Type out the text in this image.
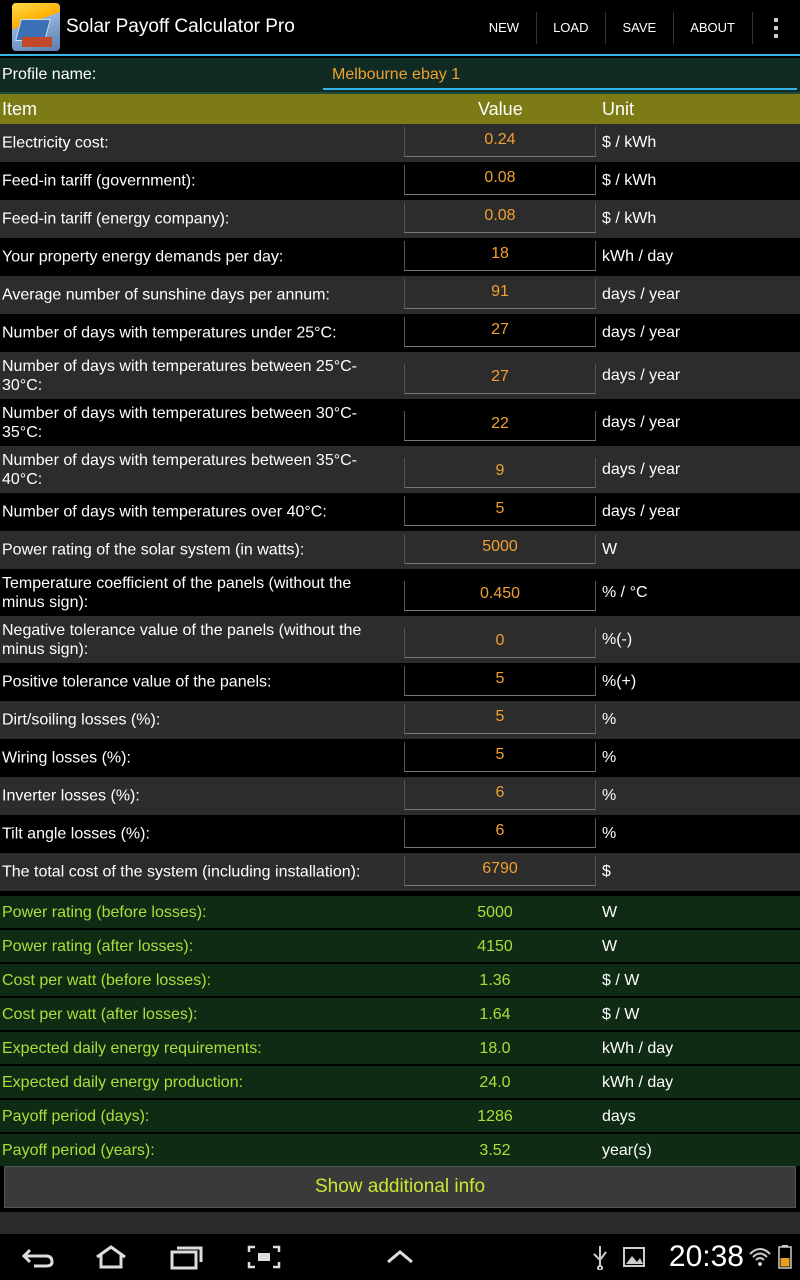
Solar Payoff Calculator Pro	NEW	LOAD	SAVE	ABOUT
Profile name:	Melbourne ebay 1
Item	Value	Unit
Electricity cost:	0.24	$ / kWh
Feed-in tariff (government):	0.08	$ / kWh
Feed-in tariff (energy company):	0.08	$ / kWh
Your property energy demands per day:	18	kWh / day
Average number of sunshine days per annum:	91	days / year
Number of days with temperatures under 25°C:	27	days / year
Number of days with temperatures between 25°C-30°C:	27	days / year
Number of days with temperatures between 30°C-35°C:	22	days / year
Number of days with temperatures between 35°C-40°C:	9	days / year
Number of days with temperatures over 40°C:	5	days / year
Power rating of the solar system (in watts):	5000	W
Temperature coefficient of the panels (without the minus sign):	0.450	% / °C
Negative tolerance value of the panels (without the minus sign):	0	%(-)
Positive tolerance value of the panels:	5	%(+)
Dirt/soiling losses (%):	5	%
Wiring losses (%):	5	%
Inverter losses (%):	6	%
Tilt angle losses (%):	6	%
The total cost of the system (including installation):	6790	$
Power rating (before losses):	5000	W
Power rating (after losses):	4150	W
Cost per watt (before losses):	1.36	$ / W
Cost per watt (after losses):	1.64	$ / W
Expected daily energy requirements:	18.0	kWh / day
Expected daily energy production:	24.0	kWh / day
Payoff period (days):	1286	days
Payoff period (years):	3.52	year(s)
Show additional info
20:38
